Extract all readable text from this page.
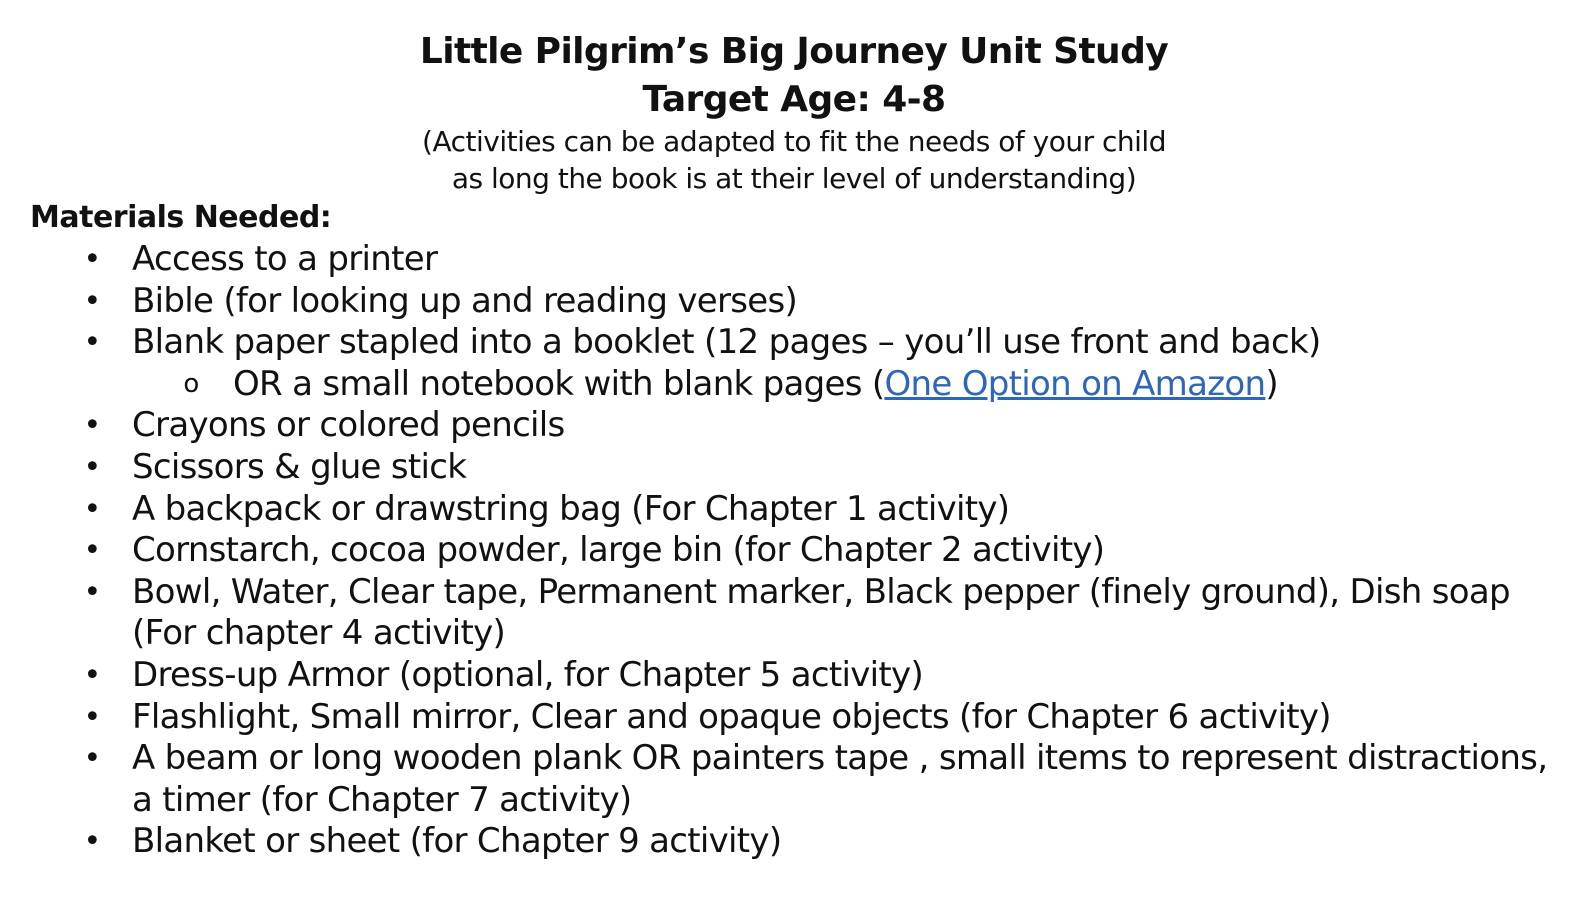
Little Pilgrim’s Big Journey Unit Study
Target Age: 4-8
(Activities can be adapted to fit the needs of your child
as long the book is at their level of understanding)
Materials Needed:
• Access to a printer
• Bible (for looking up and reading verses)
• Blank paper stapled into a booklet (12 pages – you’ll use front and back)
o OR a small notebook with blank pages (One Option on Amazon)
• Crayons or colored pencils
• Scissors & glue stick
• A backpack or drawstring bag (For Chapter 1 activity)
• Cornstarch, cocoa powder, large bin (for Chapter 2 activity)
• Bowl, Water, Clear tape, Permanent marker, Black pepper (finely ground), Dish soap (For chapter 4 activity)
• Dress-up Armor (optional, for Chapter 5 activity)
• Flashlight, Small mirror, Clear and opaque objects (for Chapter 6 activity)
• A beam or long wooden plank OR painters tape , small items to represent distractions, a timer (for Chapter 7 activity)
• Blanket or sheet (for Chapter 9 activity)
